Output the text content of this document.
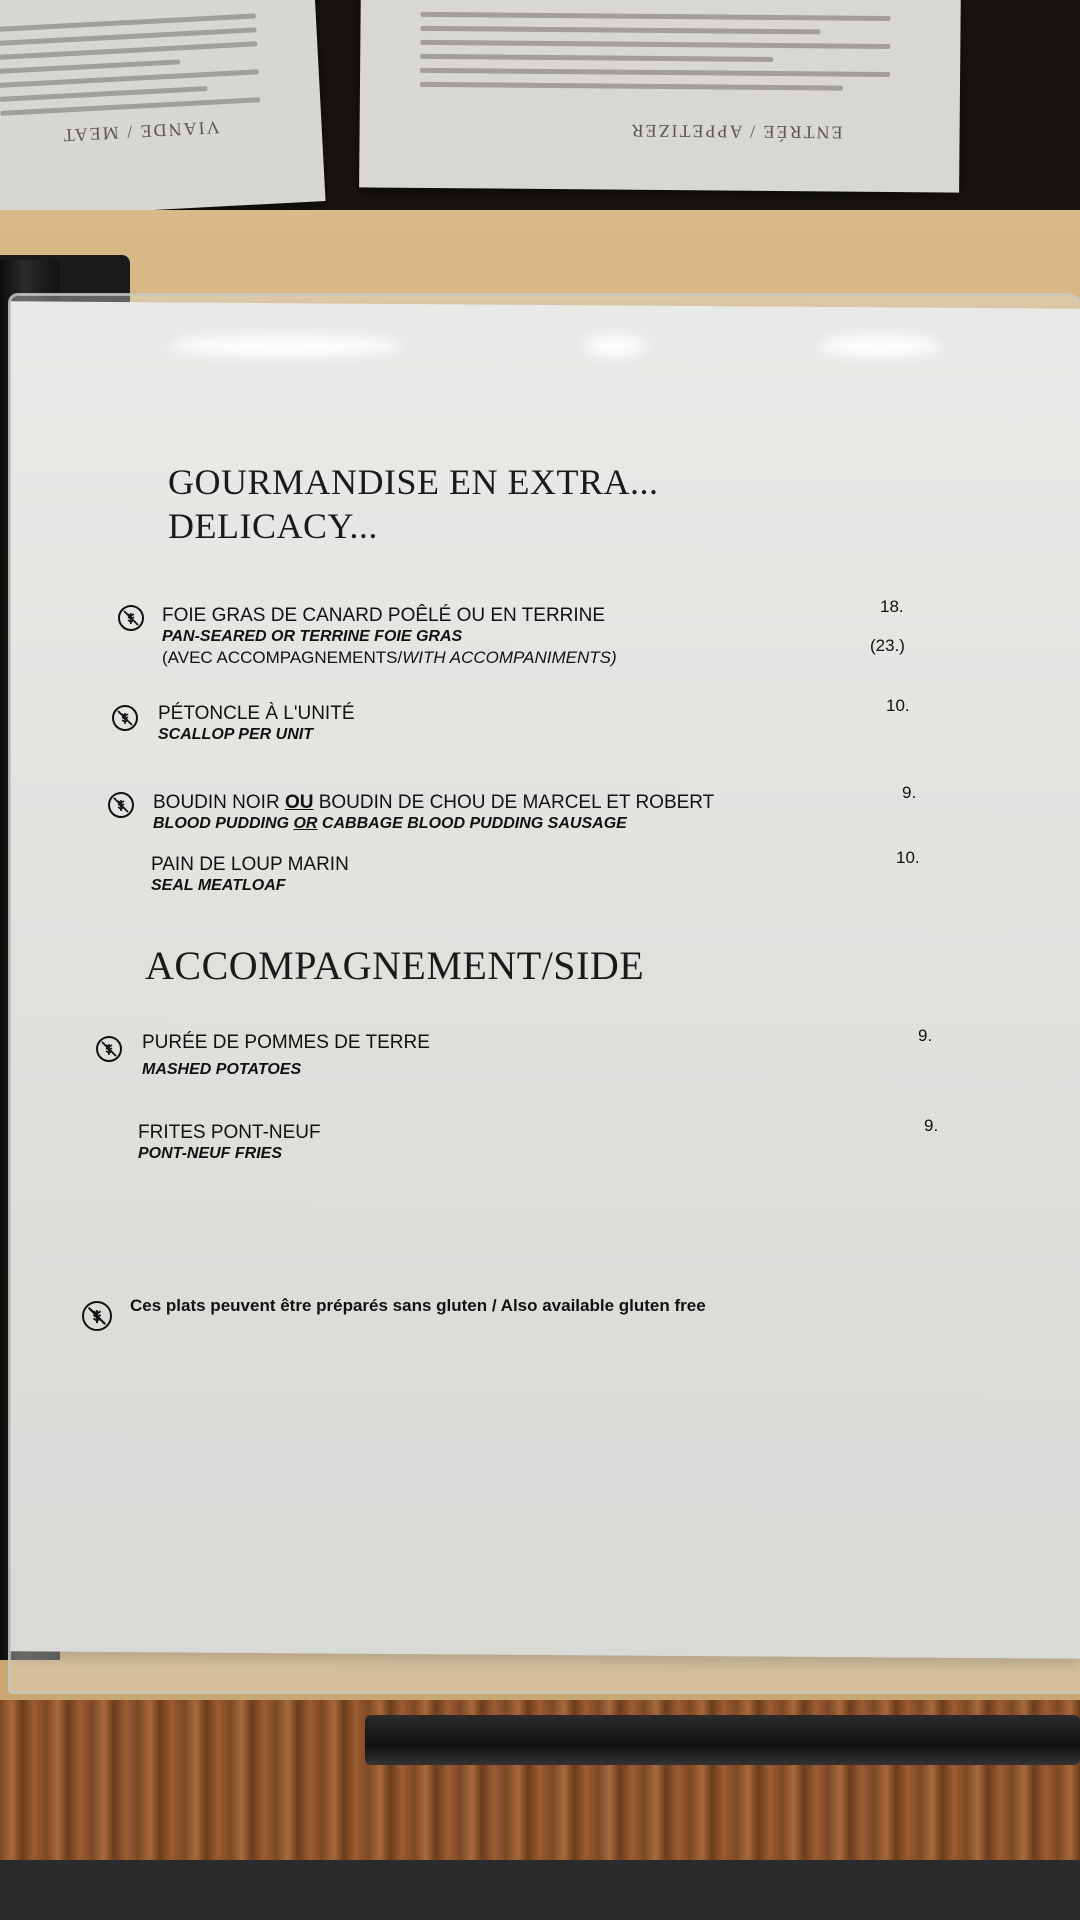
VIANDE / MEAT	ENTRÉE / APPETIZER
GOURMANDISE EN EXTRA...
DELICACY...
FOIE GRAS DE CANARD POÊLÉ OU EN TERRINE
PAN-SEARED OR TERRINE FOIE GRAS
(AVEC ACCOMPAGNEMENTS/WITH ACCOMPANIMENTS)
18.
(23.)
PÉTONCLE À L'UNITÉ
SCALLOP PER UNIT
10.
BOUDIN NOIR OU BOUDIN DE CHOU DE MARCEL ET ROBERT
BLOOD PUDDING OR CABBAGE BLOOD PUDDING SAUSAGE
9.
PAIN DE LOUP MARIN
SEAL MEATLOAF
10.
ACCOMPAGNEMENT/SIDE
PURÉE DE POMMES DE TERRE
MASHED POTATOES
9.
FRITES PONT-NEUF
PONT-NEUF FRIES
9.
Ces plats peuvent être préparés sans gluten / Also available gluten free
